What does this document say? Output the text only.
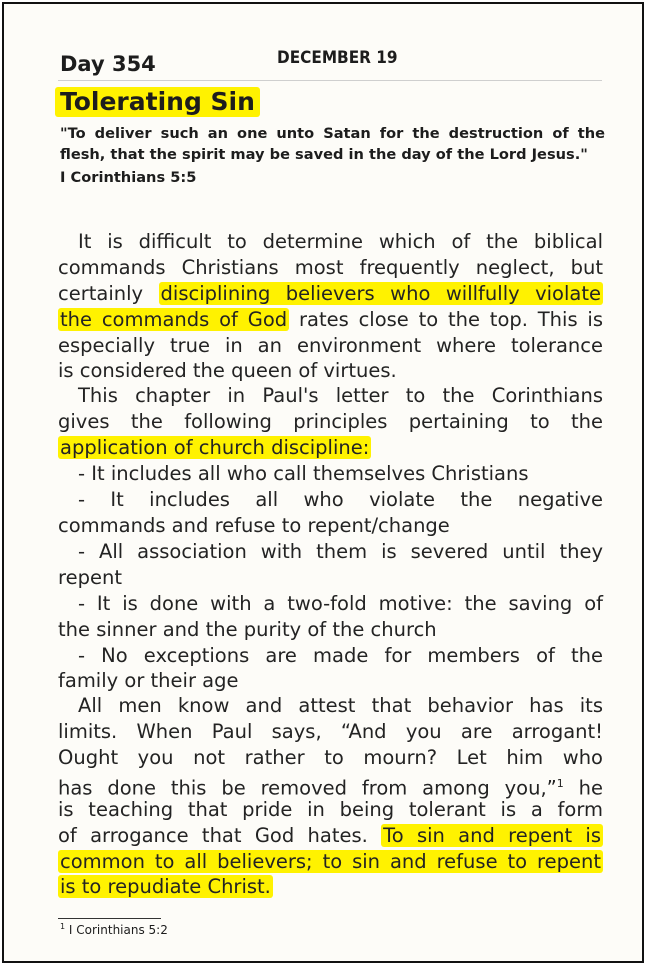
Day 354	DECEMBER 19
Tolerating Sin
"To deliver such an one unto Satan for the destruction of the flesh, that the spirit may be saved in the day of the Lord Jesus."
I Corinthians 5:5
It is difficult to determine which of the biblical
commands Christians most frequently neglect, but
certainly disciplining believers who willfully violate
the commands of God rates close to the top. This is
especially true in an environment where tolerance
is considered the queen of virtues.
This chapter in Paul's letter to the Corinthians
gives the following principles pertaining to the
application of church discipline:
- It includes all who call themselves Christians
- It includes all who violate the negative
commands and refuse to repent/change
- All association with them is severed until they
repent
- It is done with a two-fold motive: the saving of
the sinner and the purity of the church
- No exceptions are made for members of the
family or their age
All men know and attest that behavior has its
limits. When Paul says, “And you are arrogant!
Ought you not rather to mourn? Let him who
has done this be removed from among you,”$^1$ he
is teaching that pride in being tolerant is a form
of arrogance that God hates. To sin and repent is
common to all believers; to sin and refuse to repent
is to repudiate Christ.
$^1$ I Corinthians 5:2
